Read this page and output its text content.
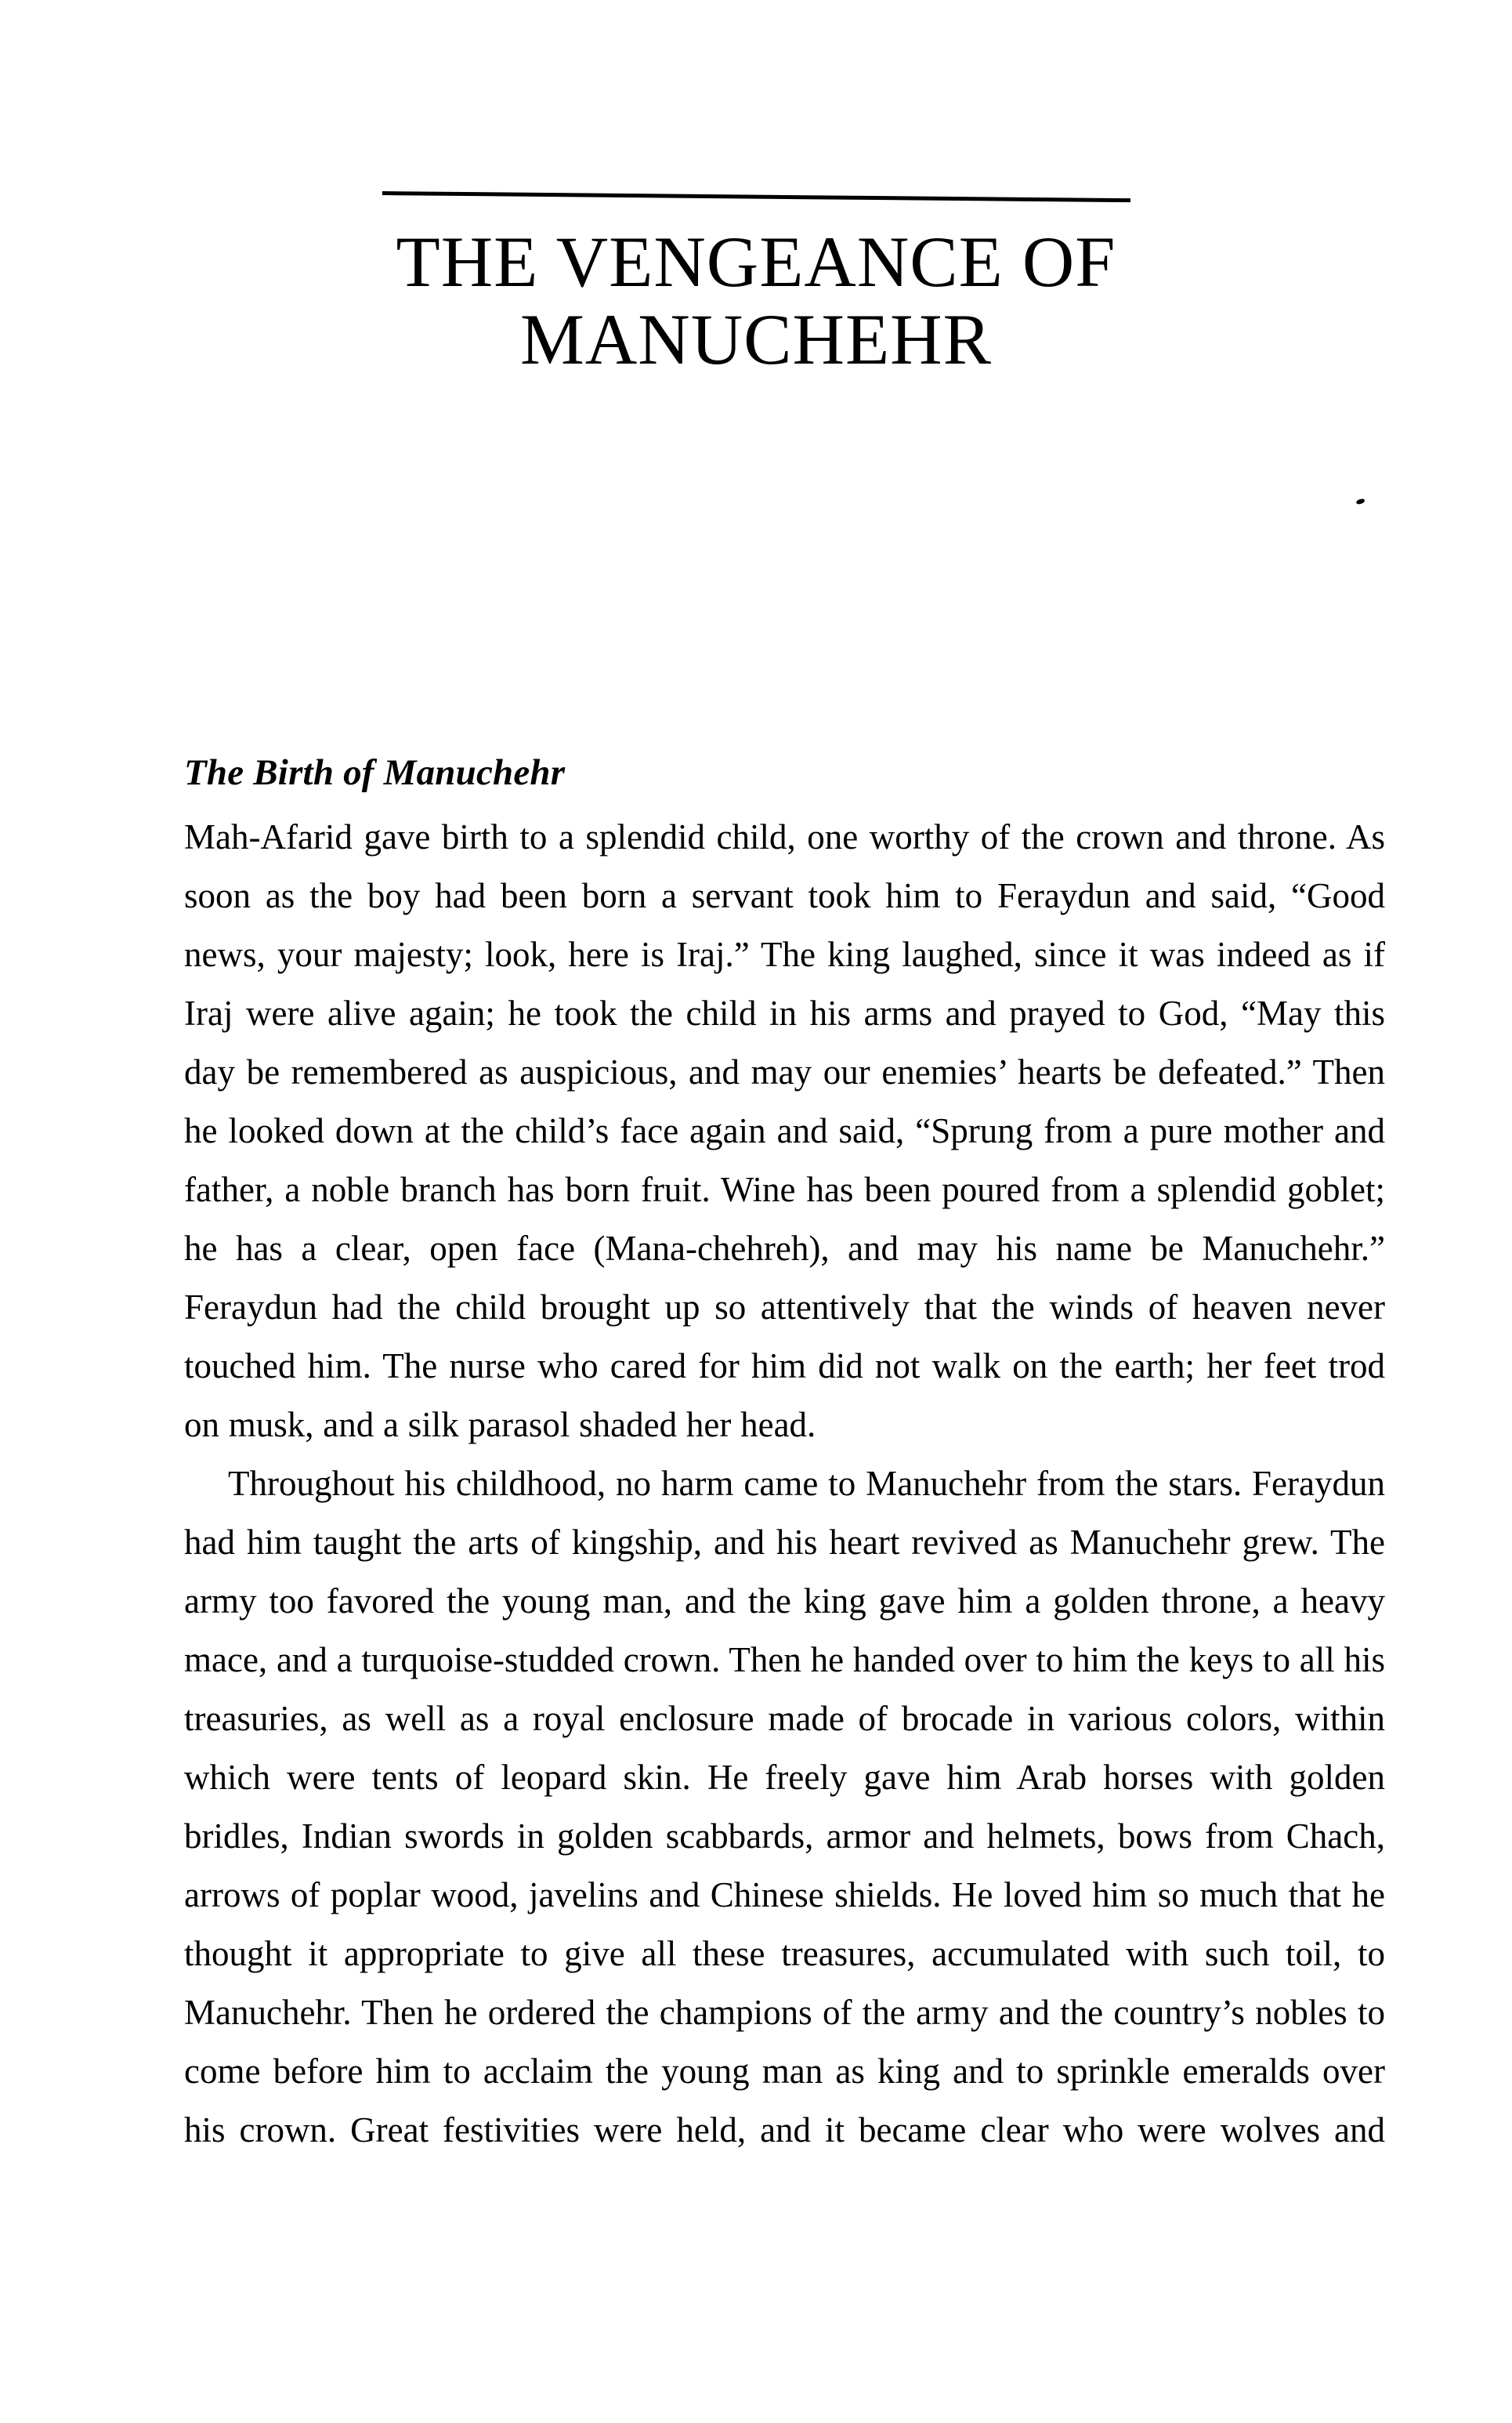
THE VENGEANCE OF
MANUCHEHR
The Birth of Manuchehr

Mah-Afarid gave birth to a splendid child, one worthy of the crown and throne. As soon as the boy had been born a servant took him to Feraydun and said, “Good news, your majesty; look, here is Iraj.” The king laughed, since it was indeed as if Iraj were alive again; he took the child in his arms and prayed to God, “May this day be remembered as auspicious, and may our enemies’ hearts be defeated.” Then he looked down at the child’s face again and said, “Sprung from a pure mother and father, a noble branch has born fruit. Wine has been poured from a splendid goblet; he has a clear, open face (Mana-chehreh), and may his name be Manuchehr.” Feraydun had the child brought up so attentively that the winds of heaven never touched him. The nurse who cared for him did not walk on the earth; her feet trod on musk, and a silk parasol shaded her head.

Throughout his childhood, no harm came to Manuchehr from the stars. Feraydun had him taught the arts of kingship, and his heart revived as Manuchehr grew. The army too favored the young man, and the king gave him a golden throne, a heavy mace, and a turquoise-studded crown. Then he handed over to him the keys to all his treasuries, as well as a royal enclosure made of brocade in various colors, within which were tents of leopard skin. He freely gave him Arab horses with golden bridles, Indian swords in golden scabbards, armor and helmets, bows from Chach, arrows of poplar wood, javelins and Chinese shields. He loved him so much that he thought it appropriate to give all these treasures, accumulated with such toil, to Manuchehr. Then he ordered the champions of the army and the country’s nobles to come before him to acclaim the young man as king and to sprinkle emeralds over his crown. Great festivities were held, and it became clear who were wolves and
